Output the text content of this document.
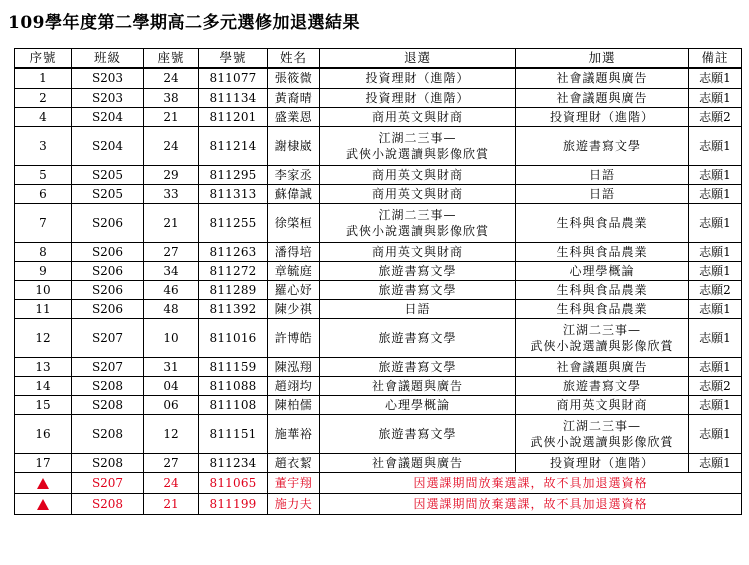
109學年度第二學期高二多元選修加退選結果
序號	班級	座號	學號	姓名	退選	加選	備註
1	S203	24	811077	張筱微	投資理財（進階）	社會議題與廣告	志願1
2	S203	38	811134	黃裔晴	投資理財（進階）	社會議題與廣告	志願1
4	S204	21	811201	盛業恩	商用英文與財商	投資理財（進階）	志願2
3	S204	24	811214	謝棣崴	江湖二三事—
武俠小說選讀與影像欣賞	旅遊書寫文學	志願1
5	S205	29	811295	李家丞	商用英文與財商	日語	志願1
6	S205	33	811313	蘇偉誠	商用英文與財商	日語	志願1
7	S206	21	811255	徐棨桓	江湖二三事—
武俠小說選讀與影像欣賞	生科與食品農業	志願1
8	S206	27	811263	潘得培	商用英文與財商	生科與食品農業	志願1
9	S206	34	811272	章毓庭	旅遊書寫文學	心理學概論	志願1
10	S206	46	811289	羅心妤	旅遊書寫文學	生科與食品農業	志願2
11	S206	48	811392	陳少祺	日語	生科與食品農業	志願1
12	S207	10	811016	許博皓	旅遊書寫文學	江湖二三事—
武俠小說選讀與影像欣賞	志願1
13	S207	31	811159	陳泓翔	旅遊書寫文學	社會議題與廣告	志願1
14	S208	04	811088	趙翊均	社會議題與廣告	旅遊書寫文學	志願2
15	S208	06	811108	陳柏儒	心理學概論	商用英文與財商	志願1
16	S208	12	811151	施華裕	旅遊書寫文學	江湖二三事—
武俠小說選讀與影像欣賞	志願1
17	S208	27	811234	趙衣絜	社會議題與廣告	投資理財（進階）	志願1
	S207	24	811065	董宇翔	因選課期間放棄選課，故不具加退選資格		
	S208	21	811199	施力夫	因選課期間放棄選課，故不具加退選資格		
